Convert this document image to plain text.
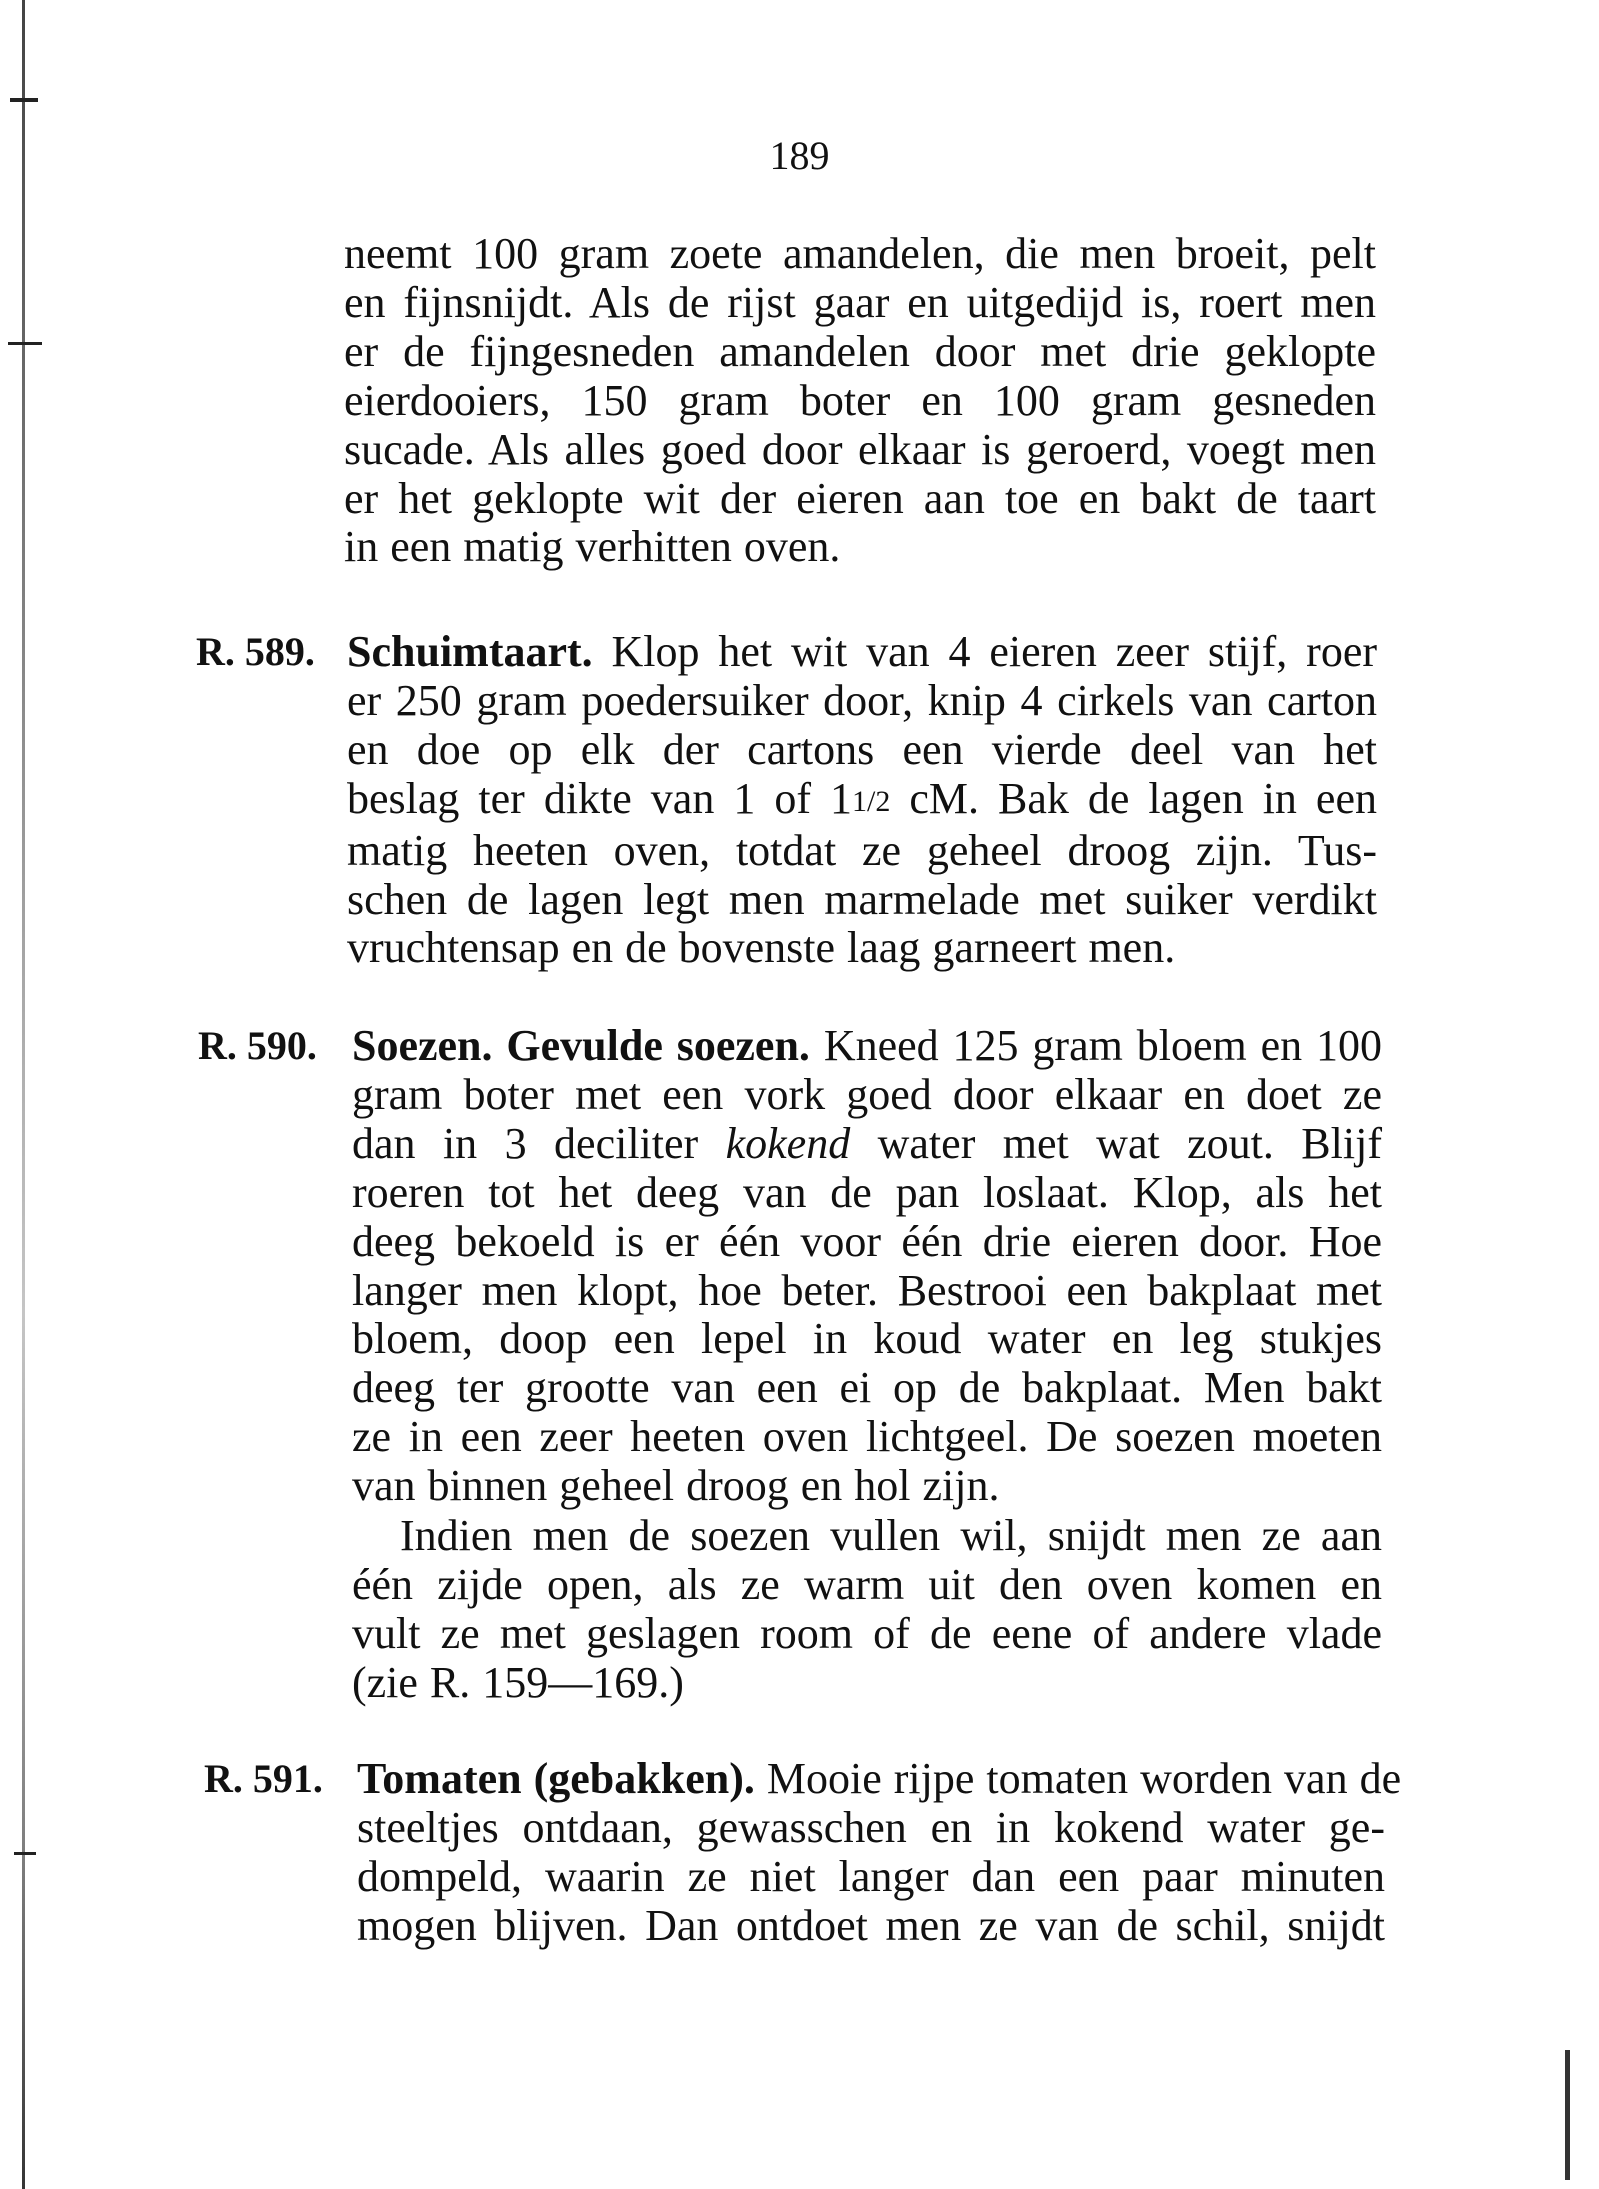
189
neemt 100 gram zoete amandelen, die men broeit, pelt
en fijnsnijdt. Als de rijst gaar en uitgedijd is, roert men
er de fijngesneden amandelen door met drie geklopte
eierdooiers, 150 gram boter en 100 gram gesneden
sucade. Als alles goed door elkaar is geroerd, voegt men
er het geklopte wit der eieren aan toe en bakt de taart
in een matig verhitten oven.
R. 589. Schuimtaart. Klop het wit van 4 eieren zeer stijf, roer
er 250 gram poedersuiker door, knip 4 cirkels van carton
en doe op elk der cartons een vierde deel van het
beslag ter dikte van 1 of 11/2 cM. Bak de lagen in een
matig heeten oven, totdat ze geheel droog zijn. Tus-
schen de lagen legt men marmelade met suiker verdikt
vruchtensap en de bovenste laag garneert men.
R. 590. Soezen. Gevulde soezen. Kneed 125 gram bloem en 100
gram boter met een vork goed door elkaar en doet ze
dan in 3 deciliter kokend water met wat zout. Blijf
roeren tot het deeg van de pan loslaat. Klop, als het
deeg bekoeld is er één voor één drie eieren door. Hoe
langer men klopt, hoe beter. Bestrooi een bakplaat met
bloem, doop een lepel in koud water en leg stukjes
deeg ter grootte van een ei op de bakplaat. Men bakt
ze in een zeer heeten oven lichtgeel. De soezen moeten
van binnen geheel droog en hol zijn.
Indien men de soezen vullen wil, snijdt men ze aan
één zijde open, als ze warm uit den oven komen en
vult ze met geslagen room of de eene of andere vlade
(zie R. 159—169.)
R. 591. Tomaten (gebakken). Mooie rijpe tomaten worden van de
steeltjes ontdaan, gewasschen en in kokend water ge-
dompeld, waarin ze niet langer dan een paar minuten
mogen blijven. Dan ontdoet men ze van de schil, snijdt
